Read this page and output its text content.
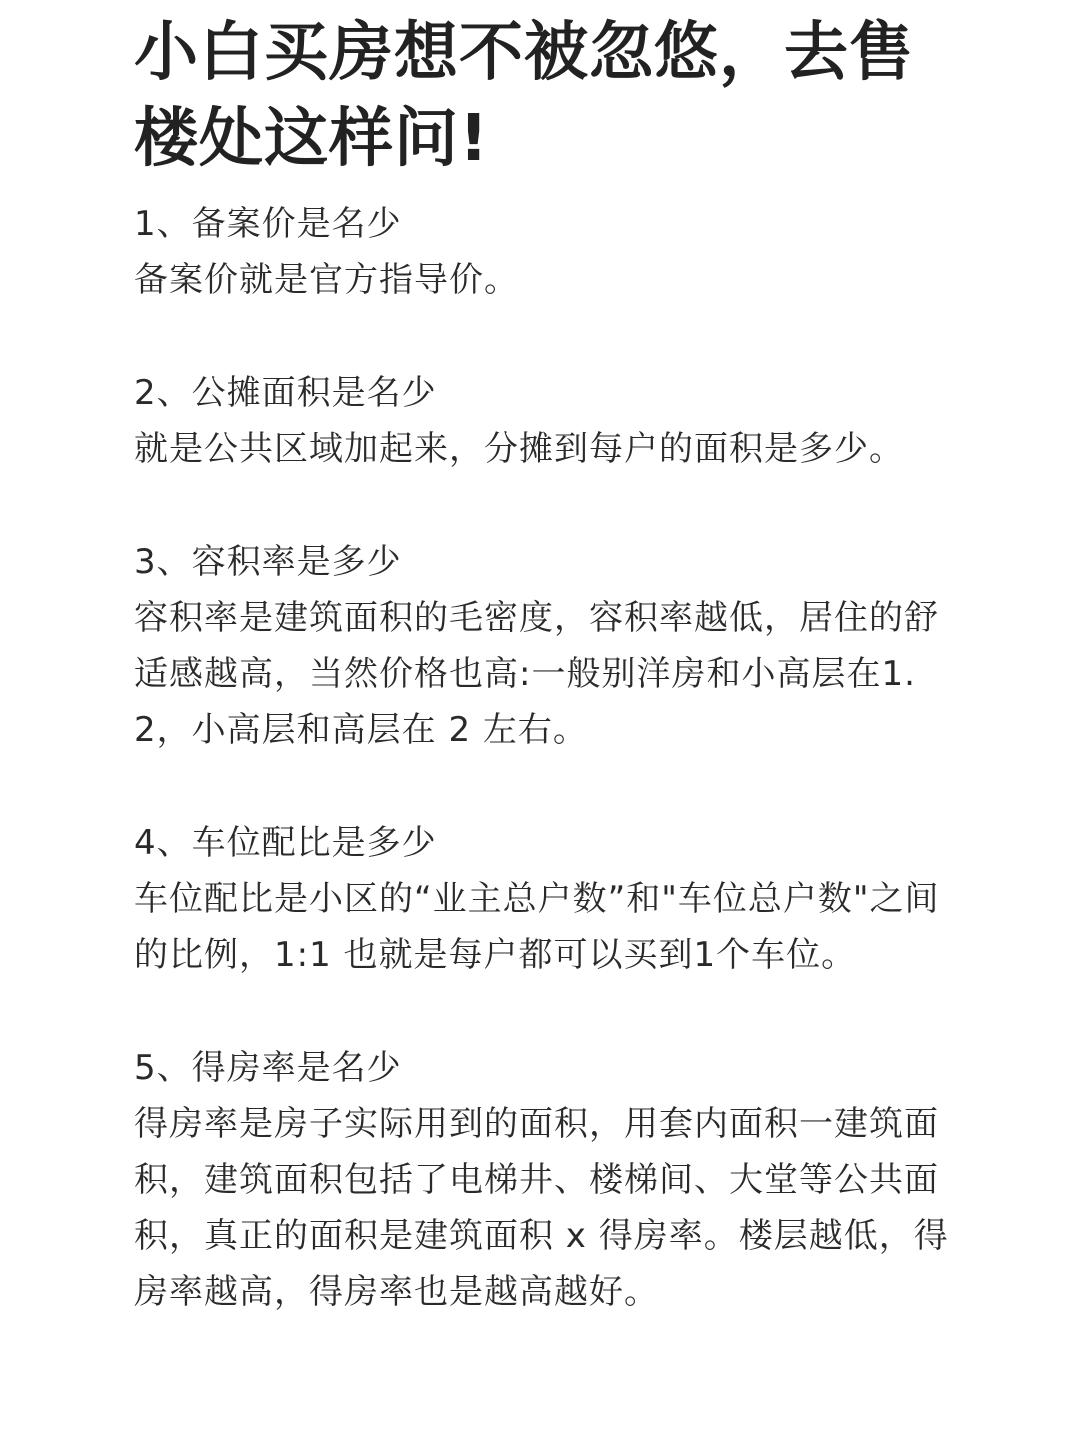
小白买房想不被忽悠，去售楼处这样问!
1、备案价是名少
备案价就是官方指导价。
2、公摊面积是名少
就是公共区域加起来，分摊到每户的面积是多少。
3、容积率是多少
容积率是建筑面积的毛密度，容积率越低，居住的舒适感越高，当然价格也高:一般别洋房和小高层在1.2，小高层和高层在 2 左右。
4、车位配比是多少
车位配比是小区的“业主总户数”和"车位总户数"之间的比例，1:1 也就是每户都可以买到1个车位。
5、得房率是名少
得房率是房子实际用到的面积，用套内面积一建筑面积，建筑面积包括了电梯井、楼梯间、大堂等公共面积，真正的面积是建筑面积 x 得房率。楼层越低，得房率越高，得房率也是越高越好。
